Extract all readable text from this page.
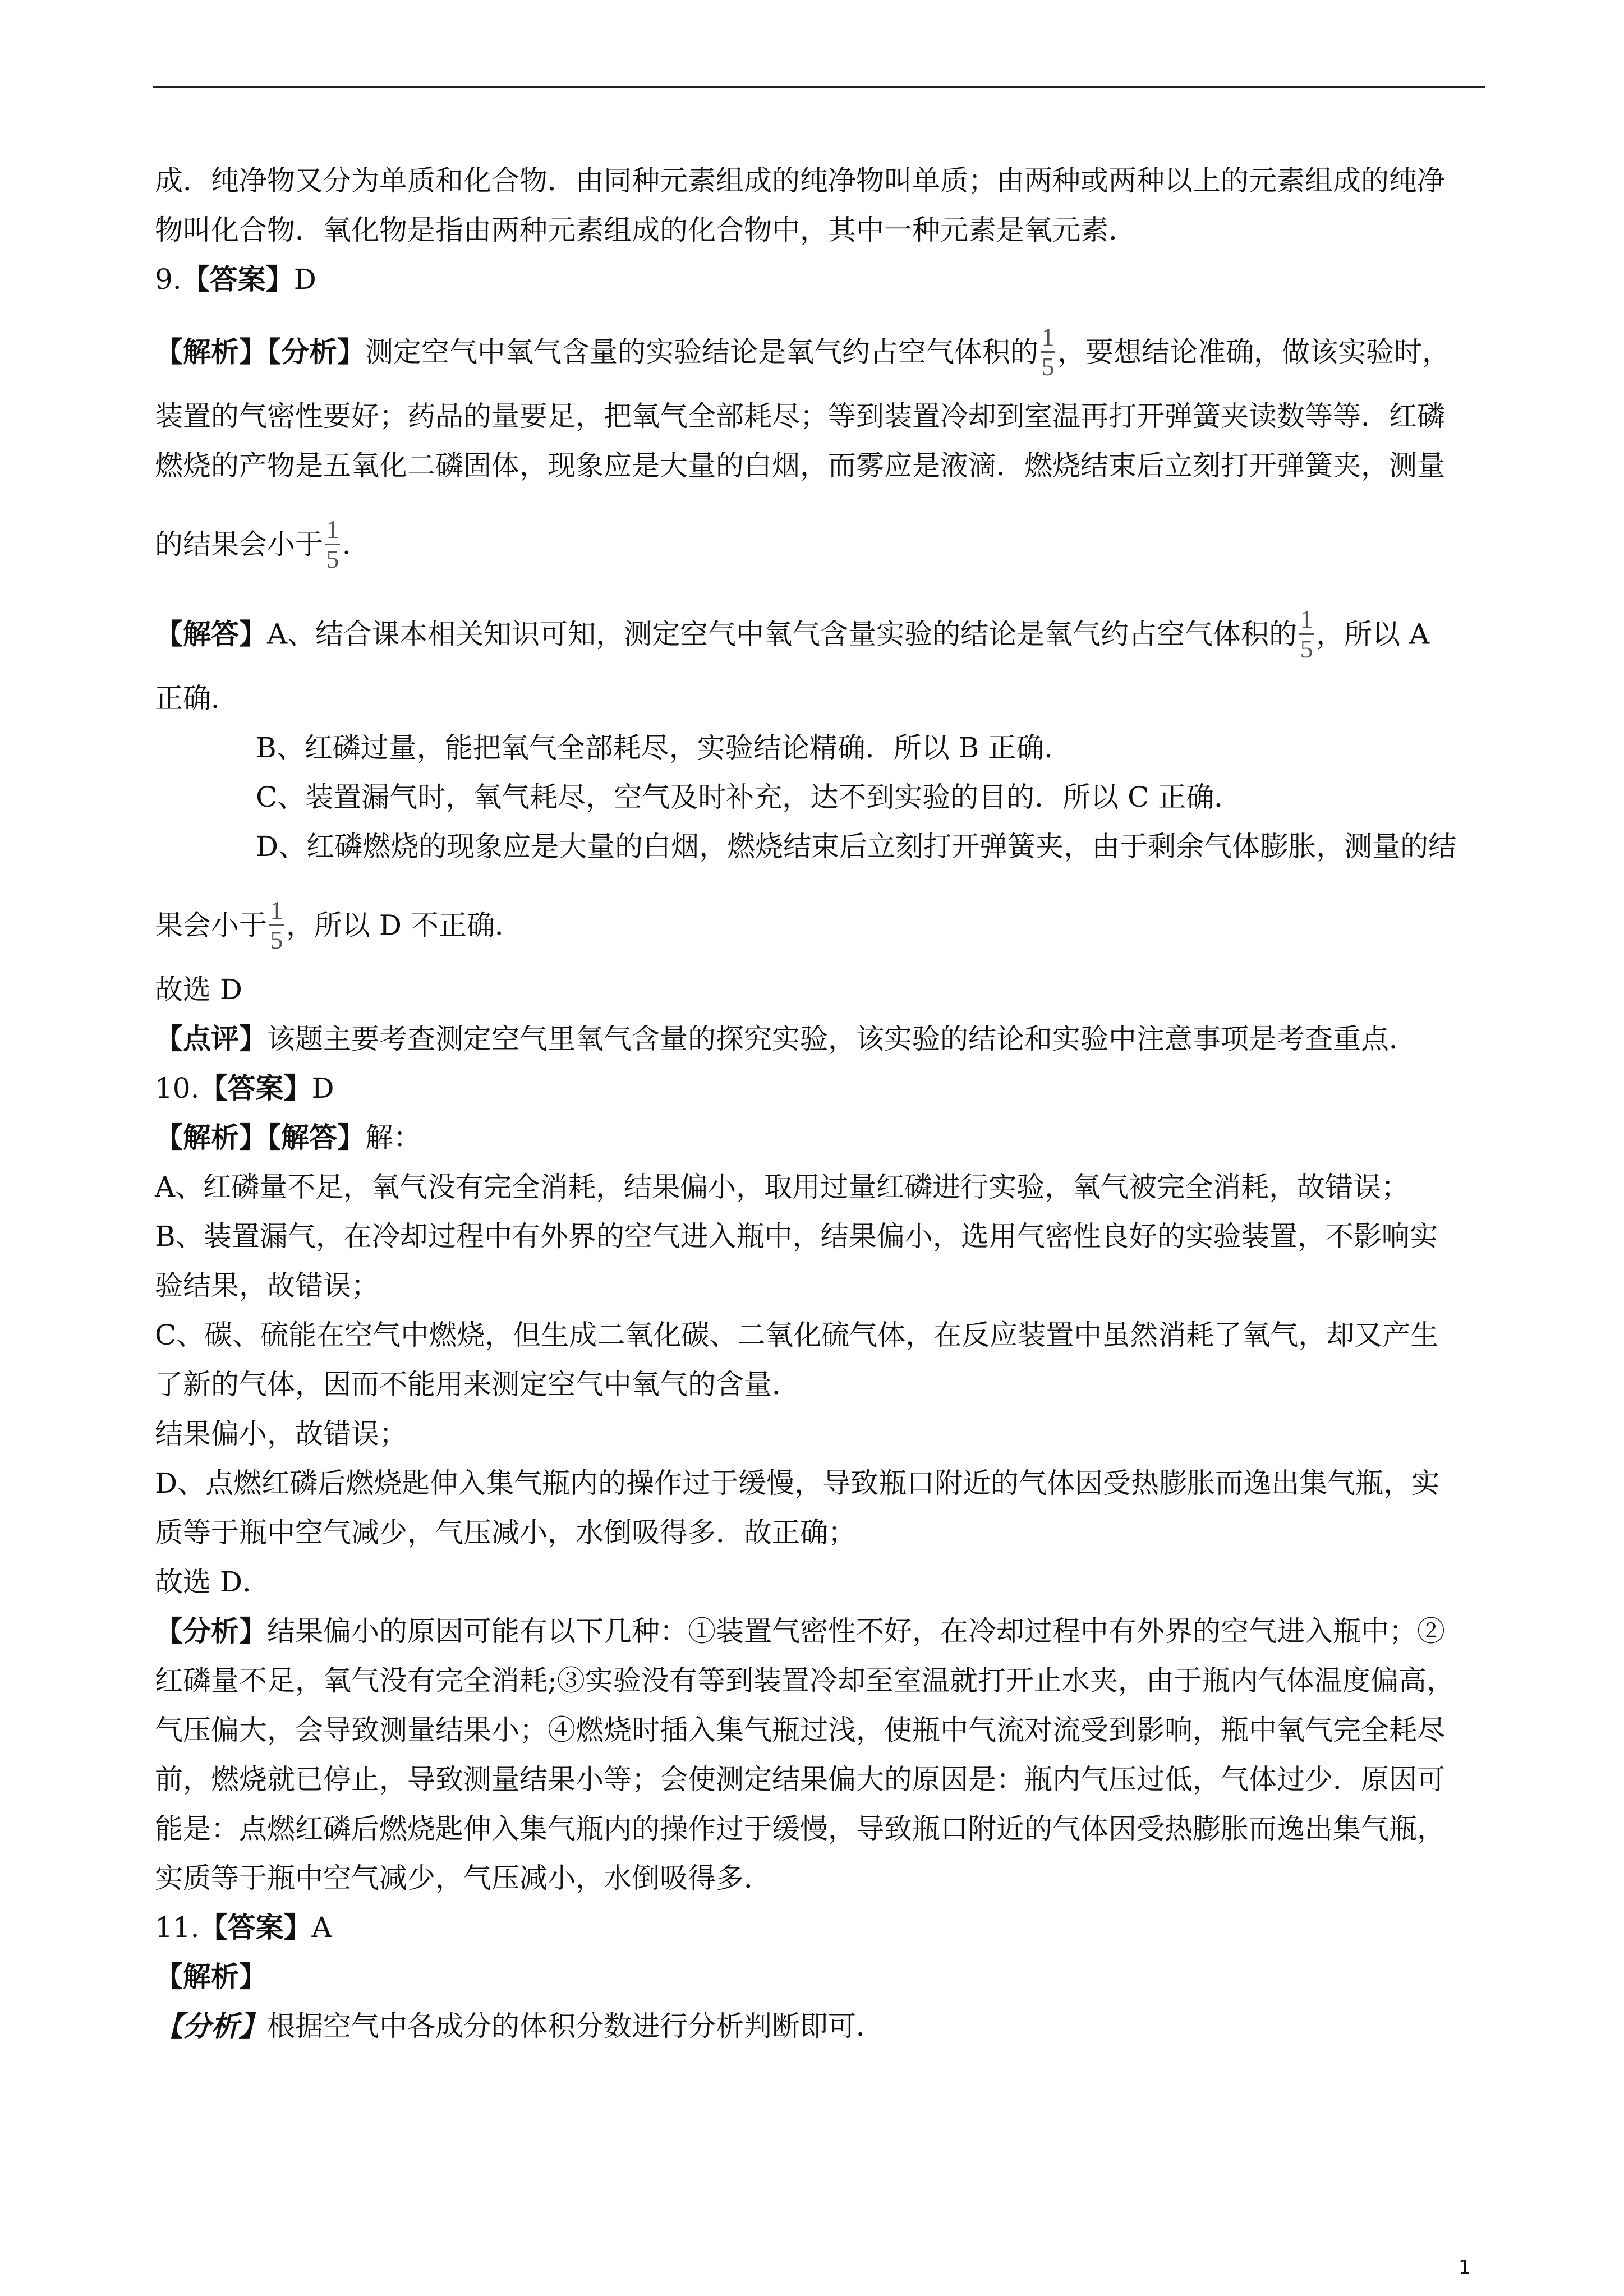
成．纯净物又分为单质和化合物．由同种元素组成的纯净物叫单质；由两种或两种以上的元素组成的纯净
物叫化合物．氧化物是指由两种元素组成的化合物中，其中一种元素是氧元素．
9.【答案】D
【解析】【分析】测定空气中氧气含量的实验结论是氧气约占空气体积的 $\frac{1}{5}$ ，要想结论准确，做该实验时，
装置的气密性要好；药品的量要足，把氧气全部耗尽；等到装置冷却到室温再打开弹簧夹读数等等．红磷
燃烧的产物是五氧化二磷固体，现象应是大量的白烟，而雾应是液滴．燃烧结束后立刻打开弹簧夹，测量
的结果会小于 $\frac{1}{5}$ ．
【解答】A、结合课本相关知识可知，测定空气中氧气含量实验的结论是氧气约占空气体积的 $\frac{1}{5}$ ，所以 A
正确．
B、红磷过量，能把氧气全部耗尽，实验结论精确．所以 B 正确．
C、装置漏气时，氧气耗尽，空气及时补充，达不到实验的目的．所以 C 正确．
D、红磷燃烧的现象应是大量的白烟，燃烧结束后立刻打开弹簧夹，由于剩余气体膨胀，测量的结
果会小于 $\frac{1}{5}$ ，所以 D 不正确．
故选 D
【点评】该题主要考查测定空气里氧气含量的探究实验，该实验的结论和实验中注意事项是考查重点．
10.【答案】D
【解析】【解答】解：
A、红磷量不足，氧气没有完全消耗，结果偏小，取用过量红磷进行实验，氧气被完全消耗，故错误；
B、装置漏气，在冷却过程中有外界的空气进入瓶中，结果偏小，选用气密性良好的实验装置，不影响实
验结果，故错误；
C、碳、硫能在空气中燃烧，但生成二氧化碳、二氧化硫气体，在反应装置中虽然消耗了氧气，却又产生
了新的气体，因而不能用来测定空气中氧气的含量．
结果偏小，故错误；
D、点燃红磷后燃烧匙伸入集气瓶内的操作过于缓慢，导致瓶口附近的气体因受热膨胀而逸出集气瓶，实
质等于瓶中空气减少，气压减小，水倒吸得多．故正确；
故选 D．
【分析】结果偏小的原因可能有以下几种：①装置气密性不好，在冷却过程中有外界的空气进入瓶中；②
红磷量不足，氧气没有完全消耗;③实验没有等到装置冷却至室温就打开止水夹，由于瓶内气体温度偏高，
气压偏大，会导致测量结果小；④燃烧时插入集气瓶过浅，使瓶中气流对流受到影响，瓶中氧气完全耗尽
前，燃烧就已停止，导致测量结果小等；会使测定结果偏大的原因是：瓶内气压过低，气体过少．原因可
能是：点燃红磷后燃烧匙伸入集气瓶内的操作过于缓慢，导致瓶口附近的气体因受热膨胀而逸出集气瓶，
实质等于瓶中空气减少，气压减小，水倒吸得多．
11.【答案】A
【解析】
【分析】根据空气中各成分的体积分数进行分析判断即可．
1
